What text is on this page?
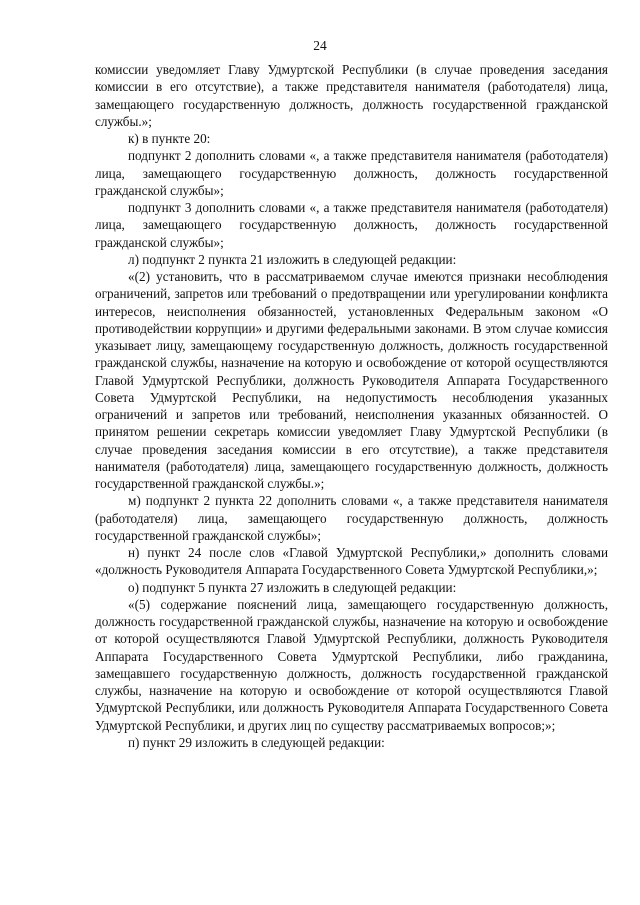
24

комиссии уведомляет Главу Удмуртской Республики (в случае проведения заседания комиссии в его отсутствие), а также представителя нанимателя (работодателя) лица, замещающего государственную должность, должность государственной гражданской службы.»;

к) в пункте 20:

подпункт 2 дополнить словами «, а также представителя нанимателя (работодателя) лица, замещающего государственную должность, должность государственной гражданской службы»;

подпункт 3 дополнить словами «, а также представителя нанимателя (работодателя) лица, замещающего государственную должность, должность государственной гражданской службы»;

л) подпункт 2 пункта 21 изложить в следующей редакции:

«(2) установить, что в рассматриваемом случае имеются признаки несоблюдения ограничений, запретов или требований о предотвращении или урегулировании конфликта интересов, неисполнения обязанностей, установленных Федеральным законом «О противодействии коррупции» и другими федеральными законами. В этом случае комиссия указывает лицу, замещающему государственную должность, должность государственной гражданской службы, назначение на которую и освобождение от которой осуществляются Главой Удмуртской Республики, должность Руководителя Аппарата Государственного Совета Удмуртской Республики, на недопустимость несоблюдения указанных ограничений и запретов или требований, неисполнения указанных обязанностей. О принятом решении секретарь комиссии уведомляет Главу Удмуртской Республики (в случае проведения заседания комиссии в его отсутствие), а также представителя нанимателя (работодателя) лица, замещающего государственную должность, должность государственной гражданской службы.»;

м) подпункт 2 пункта 22 дополнить словами «, а также представителя нанимателя (работодателя) лица, замещающего государственную должность, должность государственной гражданской службы»;

н) пункт 24 после слов «Главой Удмуртской Республики,» дополнить словами «должность Руководителя Аппарата Государственного Совета Удмуртской Республики,»;

о) подпункт 5 пункта 27 изложить в следующей редакции:

«(5) содержание пояснений лица, замещающего государственную должность, должность государственной гражданской службы, назначение на которую и освобождение от которой осуществляются Главой Удмуртской Республики, должность Руководителя Аппарата Государственного Совета Удмуртской Республики, либо гражданина, замещавшего государственную должность, должность государственной гражданской службы, назначение на которую и освобождение от которой осуществляются Главой Удмуртской Республики, или должность Руководителя Аппарата Государственного Совета Удмуртской Республики, и других лиц по существу рассматриваемых вопросов;»;

п) пункт 29 изложить в следующей редакции:
